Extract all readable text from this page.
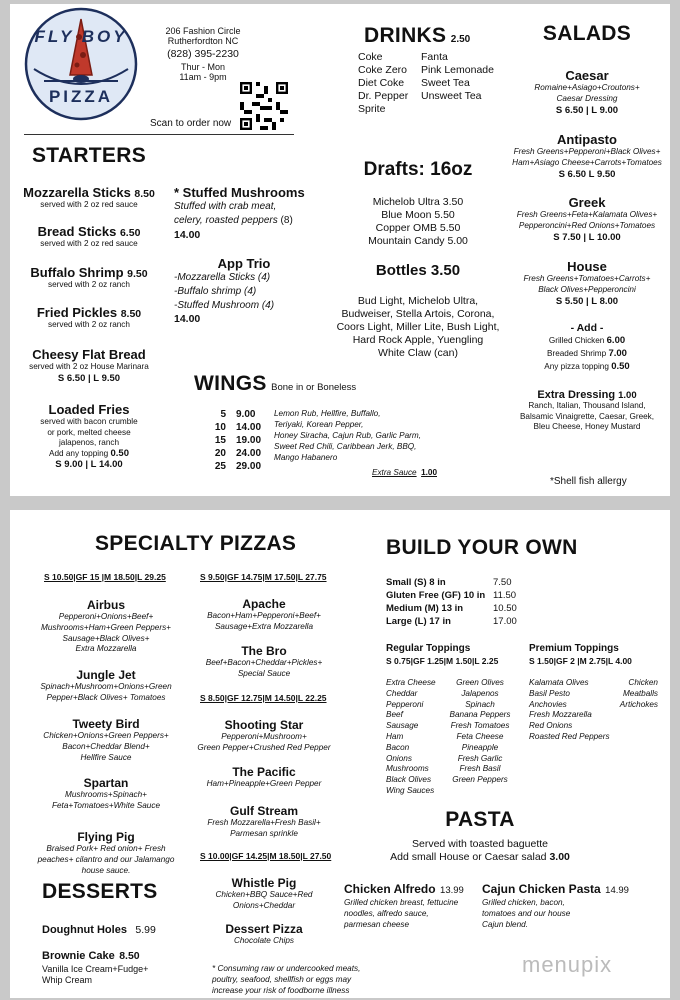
FLY BOY
PIZZA
206 Fashion Circle
Rutherfordton NC
(828) 395-2230
Thur - Mon
11am - 9pm
Scan to order now
STARTERS
Mozzarella Sticks 8.50
served with 2 oz red sauce
Bread Sticks 6.50
served with 2 oz red sauce
Buffalo Shrimp 9.50
served with 2 oz ranch
Fried Pickles 8.50
served with 2 oz ranch
Cheesy Flat Bread
served with 2 oz House Marinara
S 6.50 | L 9.50
Loaded Fries
served with bacon crumble
or pork, melted cheese
jalapenos, ranch
Add any topping 0.50
S 9.00 | L 14.00
* Stuffed Mushrooms
Stuffed with crab meat,
celery, roasted peppers (8)
14.00
App Trio
-Mozzarella Sticks (4)
-Buffalo shrimp (4)
-Stuffed Mushroom (4)
14.00
WINGS Bone in or Boneless
5
10
15
20
25
9.00
14.00
19.00
24.00
29.00
Lemon Rub, Hellfire, Buffallo,
Teriyaki, Korean Pepper,
Honey Siracha, Cajun Rub, Garlic Parm,
Sweet Red Chili, Caribbean Jerk, BBQ,
Mango Habanero
Extra Sauce 1.00
DRINKS 2.50
Coke
Coke Zero
Diet Coke
Dr. Pepper
Sprite
Fanta
Pink Lemonade
Sweet Tea
Unsweet Tea
Drafts: 16oz
Michelob Ultra 3.50
Blue Moon 5.50
Copper OMB 5.50
Mountain Candy 5.00
Bottles 3.50
Bud Light, Michelob Ultra,
Budweiser, Stella Artois, Corona,
Coors Light, Miller Lite, Bush Light,
Hard Rock Apple, Yuengling
White Claw (can)
SALADS
Caesar
Romaine+Asiago+Croutons+
Caesar Dressing
S 6.50 | L 9.00
Antipasto
Fresh Greens+Pepperoni+Black Olives+
Ham+Asiago Cheese+Carrots+Tomatoes
S 6.50 L 9.50
Greek
Fresh Greens+Feta+Kalamata Olives+
Pepperoncini+Red Onions+Tomatoes
S 7.50 | L 10.00
House
Fresh Greens+Tomatoes+Carrots+
Black Olives+Pepperoncini
S 5.50 | L 8.00
- Add -
Grilled Chicken 6.00
Breaded Shrimp 7.00
Any pizza topping 0.50
Extra Dressing 1.00
Ranch, Italian, Thousand Island,
Balsamic Vinaigrette, Caesar, Greek,
Bleu Cheese, Honey Mustard
*Shell fish allergy
SPECIALTY PIZZAS
S 10.50|GF 15 |M 18.50|L 29.25
Airbus
Pepperoni+Onions+Beef+
Mushrooms+Ham+Green Peppers+
Sausage+Black Olives+
Extra Mozzarella
Jungle Jet
Spinach+Mushroom+Onions+Green
Pepper+Black Olives+ Tomatoes
Tweety Bird
Chicken+Onions+Green Peppers+
Bacon+Cheddar Blend+
Hellfire Sauce
Spartan
Mushrooms+Spinach+
Feta+Tomatoes+White Sauce
Flying Pig
Braised Pork+ Red onion+ Fresh
peaches+ cilantro and our Jalamango
house sauce.
DESSERTS
Doughnut Holes 5.99
Brownie Cake 8.50
Vanilla Ice Cream+Fudge+
Whip Cream
S 9.50|GF 14.75|M 17.50|L 27.75
Apache
Bacon+Ham+Pepperoni+Beef+
Sausage+Extra Mozzarella
The Bro
Beef+Bacon+Cheddar+Pickles+
Special Sauce
S 8.50|GF 12.75|M 14.50|L 22.25
Shooting Star
Pepperoni+Mushroom+
Green Pepper+Crushed Red Pepper
The Pacific
Ham+Pineapple+Green Pepper
Gulf Stream
Fresh Mozzarella+Fresh Basil+
Parmesan sprinkle
S 10.00|GF 14.25|M 18.50|L 27.50
Whistle Pig
Chicken+BBQ Sauce+Red
Onions+Cheddar
Dessert Pizza
Chocolate Chips
* Consuming raw or undercooked meats,
poultry, seafood, shellfish or eggs may
increase your risk of foodborne illness
BUILD YOUR OWN
Small (S) 8 in
Gluten Free (GF) 10 in
Medium (M) 13 in
Large (L) 17 in
7.50
11.50
10.50
17.00
Regular Toppings
S 0.75|GF 1.25|M 1.50|L 2.25
Extra Cheese
Cheddar
Pepperoni
Beef
Sausage
Ham
Bacon
Onions
Mushrooms
Black Olives
Wing Sauces
Green Olives
Jalapenos
Spinach
Banana Peppers
Fresh Tomatoes
Feta Cheese
Pineapple
Fresh Garlic
Fresh Basil
Green Peppers
Premium Toppings
S 1.50|GF 2 |M 2.75|L 4.00
Kalamata Olives
Basil Pesto
Anchovies
Fresh Mozzarella
Red Onions
Roasted Red Peppers
Chicken
Meatballs
Artichokes
PASTA
Served with toasted baguette
Add small House or Caesar salad 3.00
Chicken Alfredo 13.99
Grilled chicken breast, fettucine
noodles, alfredo sauce,
parmesan cheese
Cajun Chicken Pasta 14.99
Grilled chicken, bacon,
tomatoes and our house
Cajun blend.
menupix
